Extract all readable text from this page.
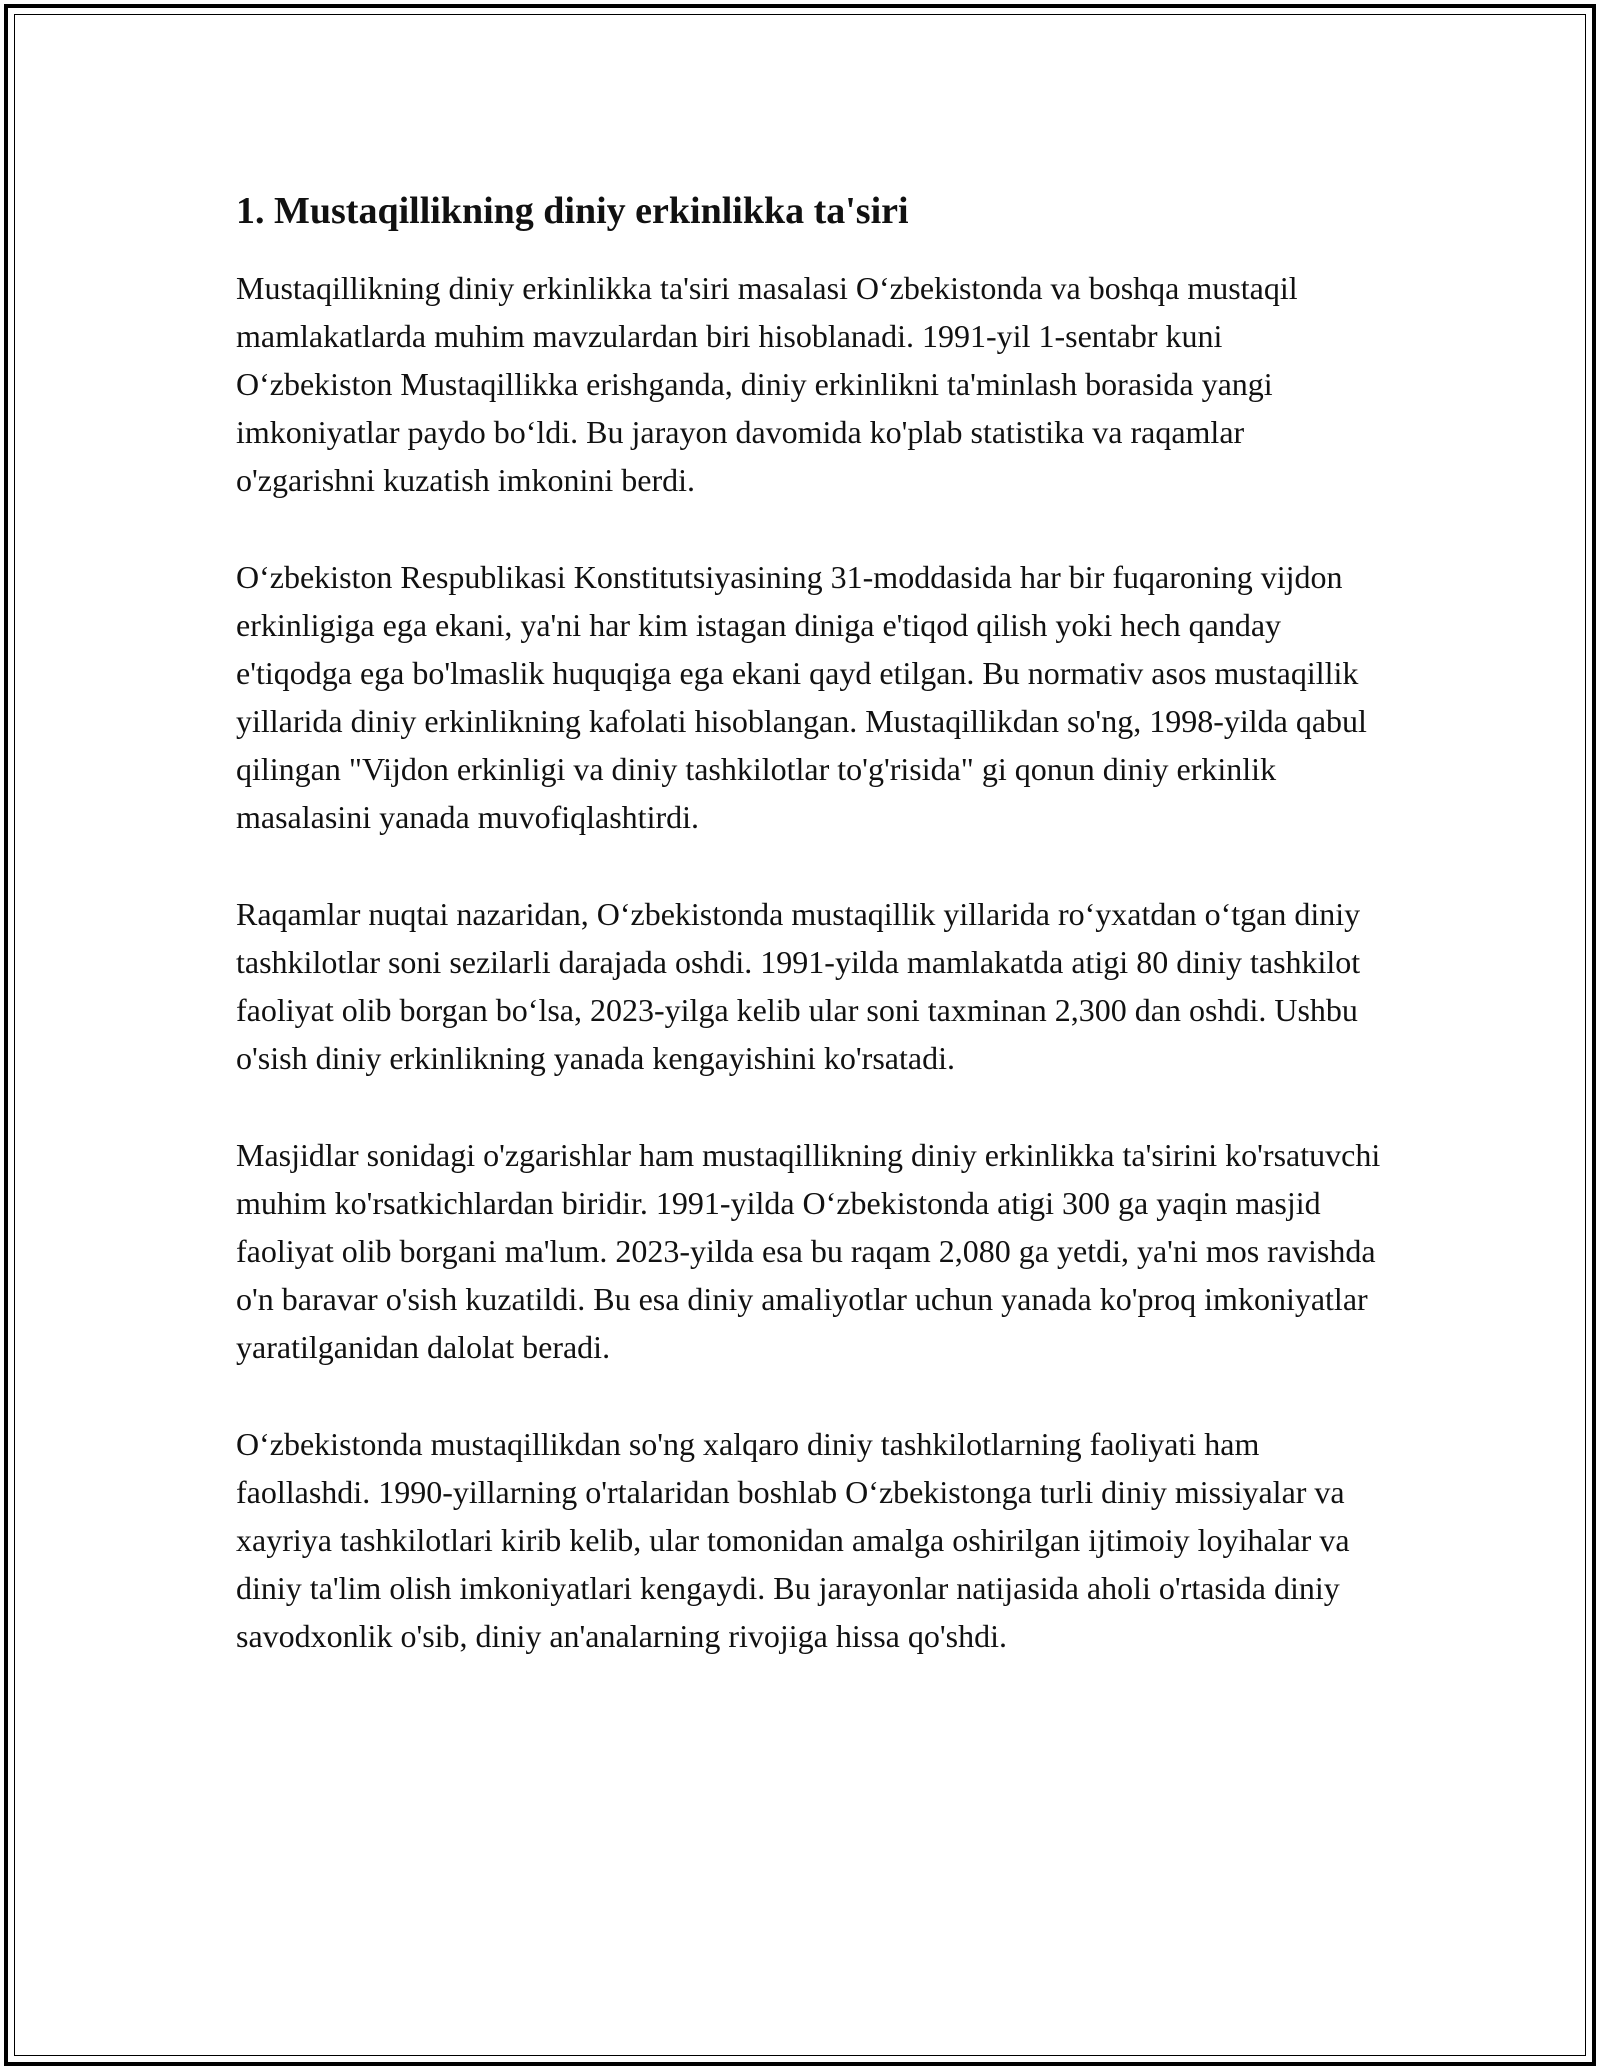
1. Mustaqillikning diniy erkinlikka ta'siri

Mustaqillikning diniy erkinlikka ta'siri masalasi O‘zbekistonda va boshqa mustaqil mamlakatlarda muhim mavzulardan biri hisoblanadi. 1991-yil 1-sentabr kuni O‘zbekiston Mustaqillikka erishganda, diniy erkinlikni ta'minlash borasida yangi imkoniyatlar paydo bo‘ldi. Bu jarayon davomida ko'plab statistika va raqamlar o'zgarishni kuzatish imkonini berdi.

O‘zbekiston Respublikasi Konstitutsiyasining 31-moddasida har bir fuqaroning vijdon erkinligiga ega ekani, ya'ni har kim istagan diniga e'tiqod qilish yoki hech qanday e'tiqodga ega bo'lmaslik huquqiga ega ekani qayd etilgan. Bu normativ asos mustaqillik yillarida diniy erkinlikning kafolati hisoblangan. Mustaqillikdan so'ng, 1998-yilda qabul qilingan "Vijdon erkinligi va diniy tashkilotlar to'g'risida" gi qonun diniy erkinlik masalasini yanada muvofiqlashtirdi.

Raqamlar nuqtai nazaridan, O‘zbekistonda mustaqillik yillarida ro‘yxatdan o‘tgan diniy tashkilotlar soni sezilarli darajada oshdi. 1991-yilda mamlakatda atigi 80 diniy tashkilot faoliyat olib borgan bo‘lsa, 2023-yilga kelib ular soni taxminan 2,300 dan oshdi. Ushbu o'sish diniy erkinlikning yanada kengayishini ko'rsatadi.

Masjidlar sonidagi o'zgarishlar ham mustaqillikning diniy erkinlikka ta'sirini ko'rsatuvchi muhim ko'rsatkichlardan biridir. 1991-yilda O‘zbekistonda atigi 300 ga yaqin masjid faoliyat olib borgani ma'lum. 2023-yilda esa bu raqam 2,080 ga yetdi, ya'ni mos ravishda o'n baravar o'sish kuzatildi. Bu esa diniy amaliyotlar uchun yanada ko'proq imkoniyatlar yaratilganidan dalolat beradi.

O‘zbekistonda mustaqillikdan so'ng xalqaro diniy tashkilotlarning faoliyati ham faollashdi. 1990-yillarning o'rtalaridan boshlab O‘zbekistonga turli diniy missiyalar va xayriya tashkilotlari kirib kelib, ular tomonidan amalga oshirilgan ijtimoiy loyihalar va diniy ta'lim olish imkoniyatlari kengaydi. Bu jarayonlar natijasida aholi o'rtasida diniy savodxonlik o'sib, diniy an'analarning rivojiga hissa qo'shdi.
